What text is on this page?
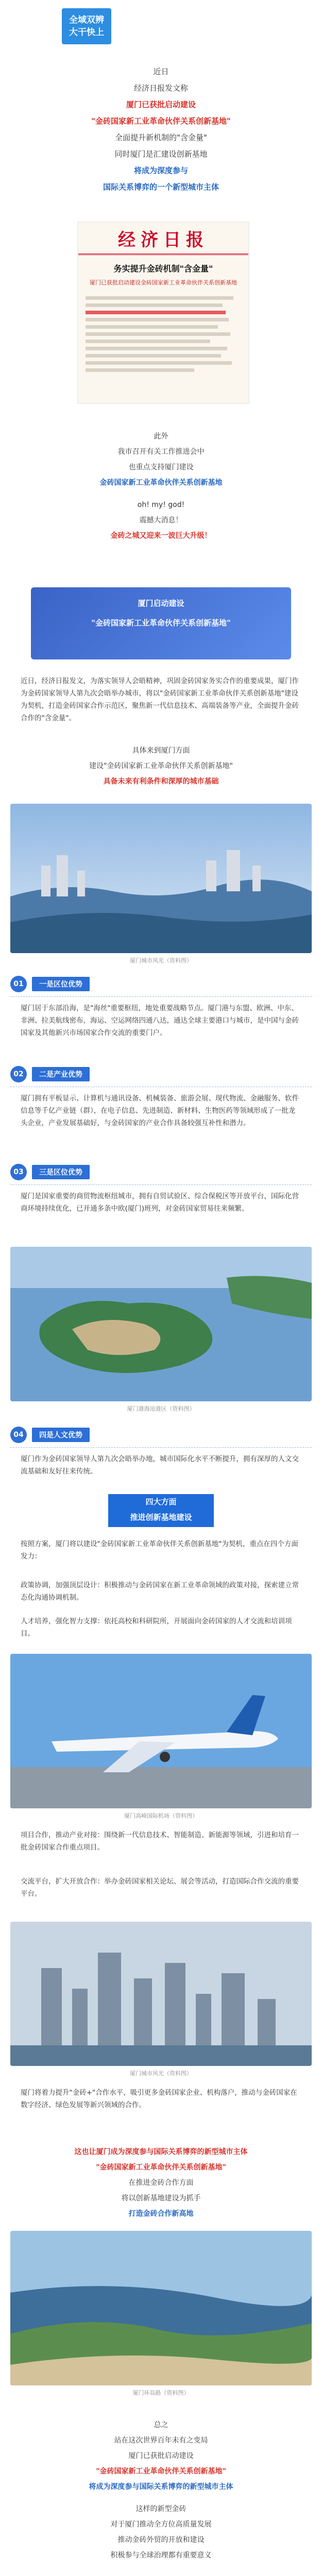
全域双辨
大干快上

近日

经济日报发文称

厦门已获批启动建设

"金砖国家新工业革命伙伴关系创新基地"

全面提升新机制的"含金量"

同时厦门是汇建设创新基地

将成为深度参与

国际关系博弈的一个新型城市主体

经济日报
务实提升金砖机制"含金量"
厦门已获批启动建设金砖国家新工业革命伙伴关系创新基地

此外

我市召开有关工作推进会中

也重点支持厦门建设

金砖国家新工业革命伙伴关系创新基地

oh! my! god!

震撼大消息！

金砖之城又迎来一波巨大升级！

厦门启动建设
"金砖国家新工业革命伙伴关系创新基地"
近日，经济日报发文，为落实领导人会晤精神，巩固金砖国家务实合作的重要成果，厦门作为金砖国家领导人第九次会晤举办城市，将以"金砖国家新工业革命伙伴关系创新基地"建设为契机，打造金砖国家合作示范区，聚焦新一代信息技术、高端装备等产业，全面提升金砖合作的"含金量"。

具体来到厦门方面

建设"金砖国家新工业革命伙伴关系创新基地"

具备未来有利条件和深厚的城市基础

厦门城市风光（资料图）
01	一是区位优势
厦门居于东部沿海，是"海丝"重要枢纽，地处重要战略节点。厦门港与东盟、欧洲、中东、非洲、拉美航线密布，海运、空运网络四通八达，通达全球主要港口与城市，是中国与金砖国家及其他新兴市场国家合作交流的重要门户。
02	二是产业优势
厦门拥有平板显示、计算机与通讯设备、机械装备、旅游会展、现代物流、金融服务、软件信息等千亿产业链（群），在电子信息、先进制造、新材料、生物医药等领域形成了一批龙头企业，产业发展基础好，与金砖国家的产业合作具备较强互补性和潜力。
03	三是区位优势
厦门是国家重要的商贸物流枢纽城市，拥有自贸试验区、综合保税区等开放平台，国际化营商环境持续优化，已开通多条中欧(厦门)班列，对金砖国家贸易往来频繁。
厦门港海沧港区（资料图）
04	四是人文优势
厦门作为金砖国家领导人第九次会晤举办地，城市国际化水平不断提升，拥有深厚的人文交流基础和友好往来传统。
四大方面
推进创新基地建设
按照方案，厦门将以建设"金砖国家新工业革命伙伴关系创新基地"为契机，重点在四个方面发力：
政策协调，加强顶层设计：积极推动与金砖国家在新工业革命领域的政策对接，探索建立常态化沟通协调机制。
人才培养，强化智力支撑：依托高校和科研院所，开展面向金砖国家的人才交流和培训项目。
厦门高崎国际机场（资料图）
项目合作，推动产业对接：围绕新一代信息技术、智能制造、新能源等领域，引进和培育一批金砖国家合作重点项目。
交流平台，扩大开放合作：举办金砖国家相关论坛、展会等活动，打造国际合作交流的重要平台。
厦门城市风光（资料图）
厦门将着力提升"金砖+"合作水平，吸引更多金砖国家企业、机构落户，推动与金砖国家在数字经济、绿色发展等新兴领域的合作。

这也让厦门成为深度参与国际关系博弈的新型城市主体

"金砖国家新工业革命伙伴关系创新基地"

在推进金砖合作方面

将以创新基地建设为抓手

打造金砖合作新高地

厦门环岛路（资料图）

总之

站在这次世界百年未有之变局

厦门已获批启动建设

"金砖国家新工业革命伙伴关系创新基地"

将成为深度参与国际关系博弈的新型城市主体

这样的新型金砖

对于厦门推动全方位高质量发展

推动金砖外贸的开放和建设

积极参与全球治理都有重要意义
